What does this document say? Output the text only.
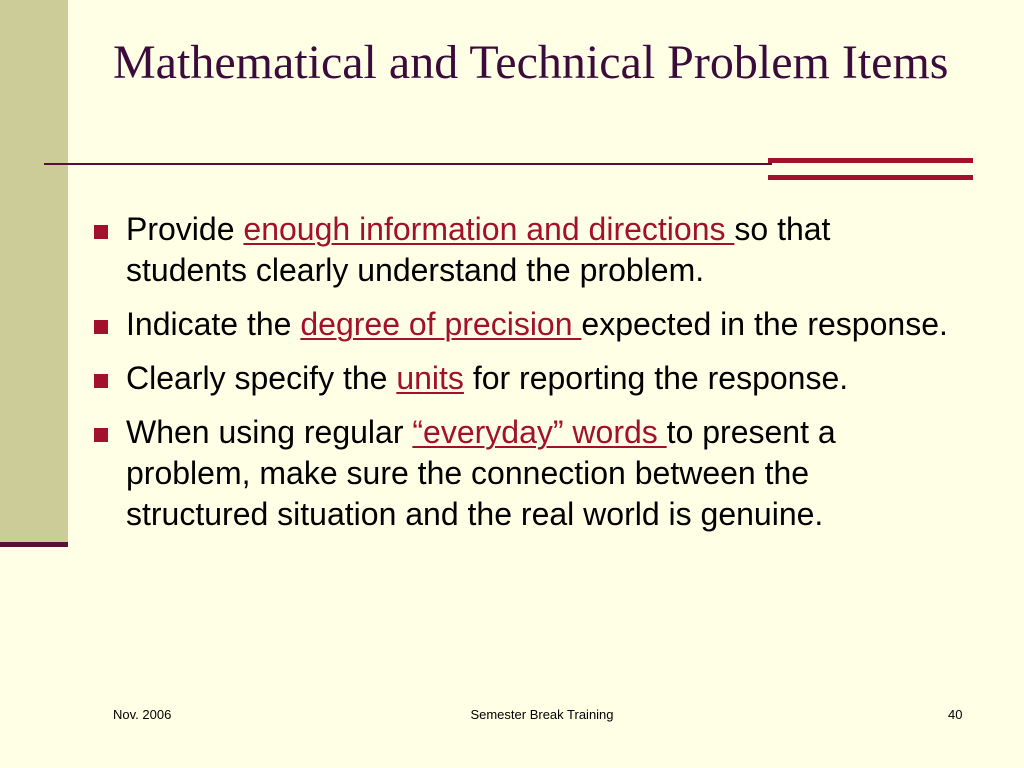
Mathematical and Technical Problem Items
Provide enough information and directions so that students clearly understand the problem.
Indicate the degree of precision expected in the response.
Clearly specify the units for reporting the response.
When using regular “everyday” words to present a problem, make sure the connection between the structured situation and the real world is genuine.
Nov. 2006	Semester Break Training	40
